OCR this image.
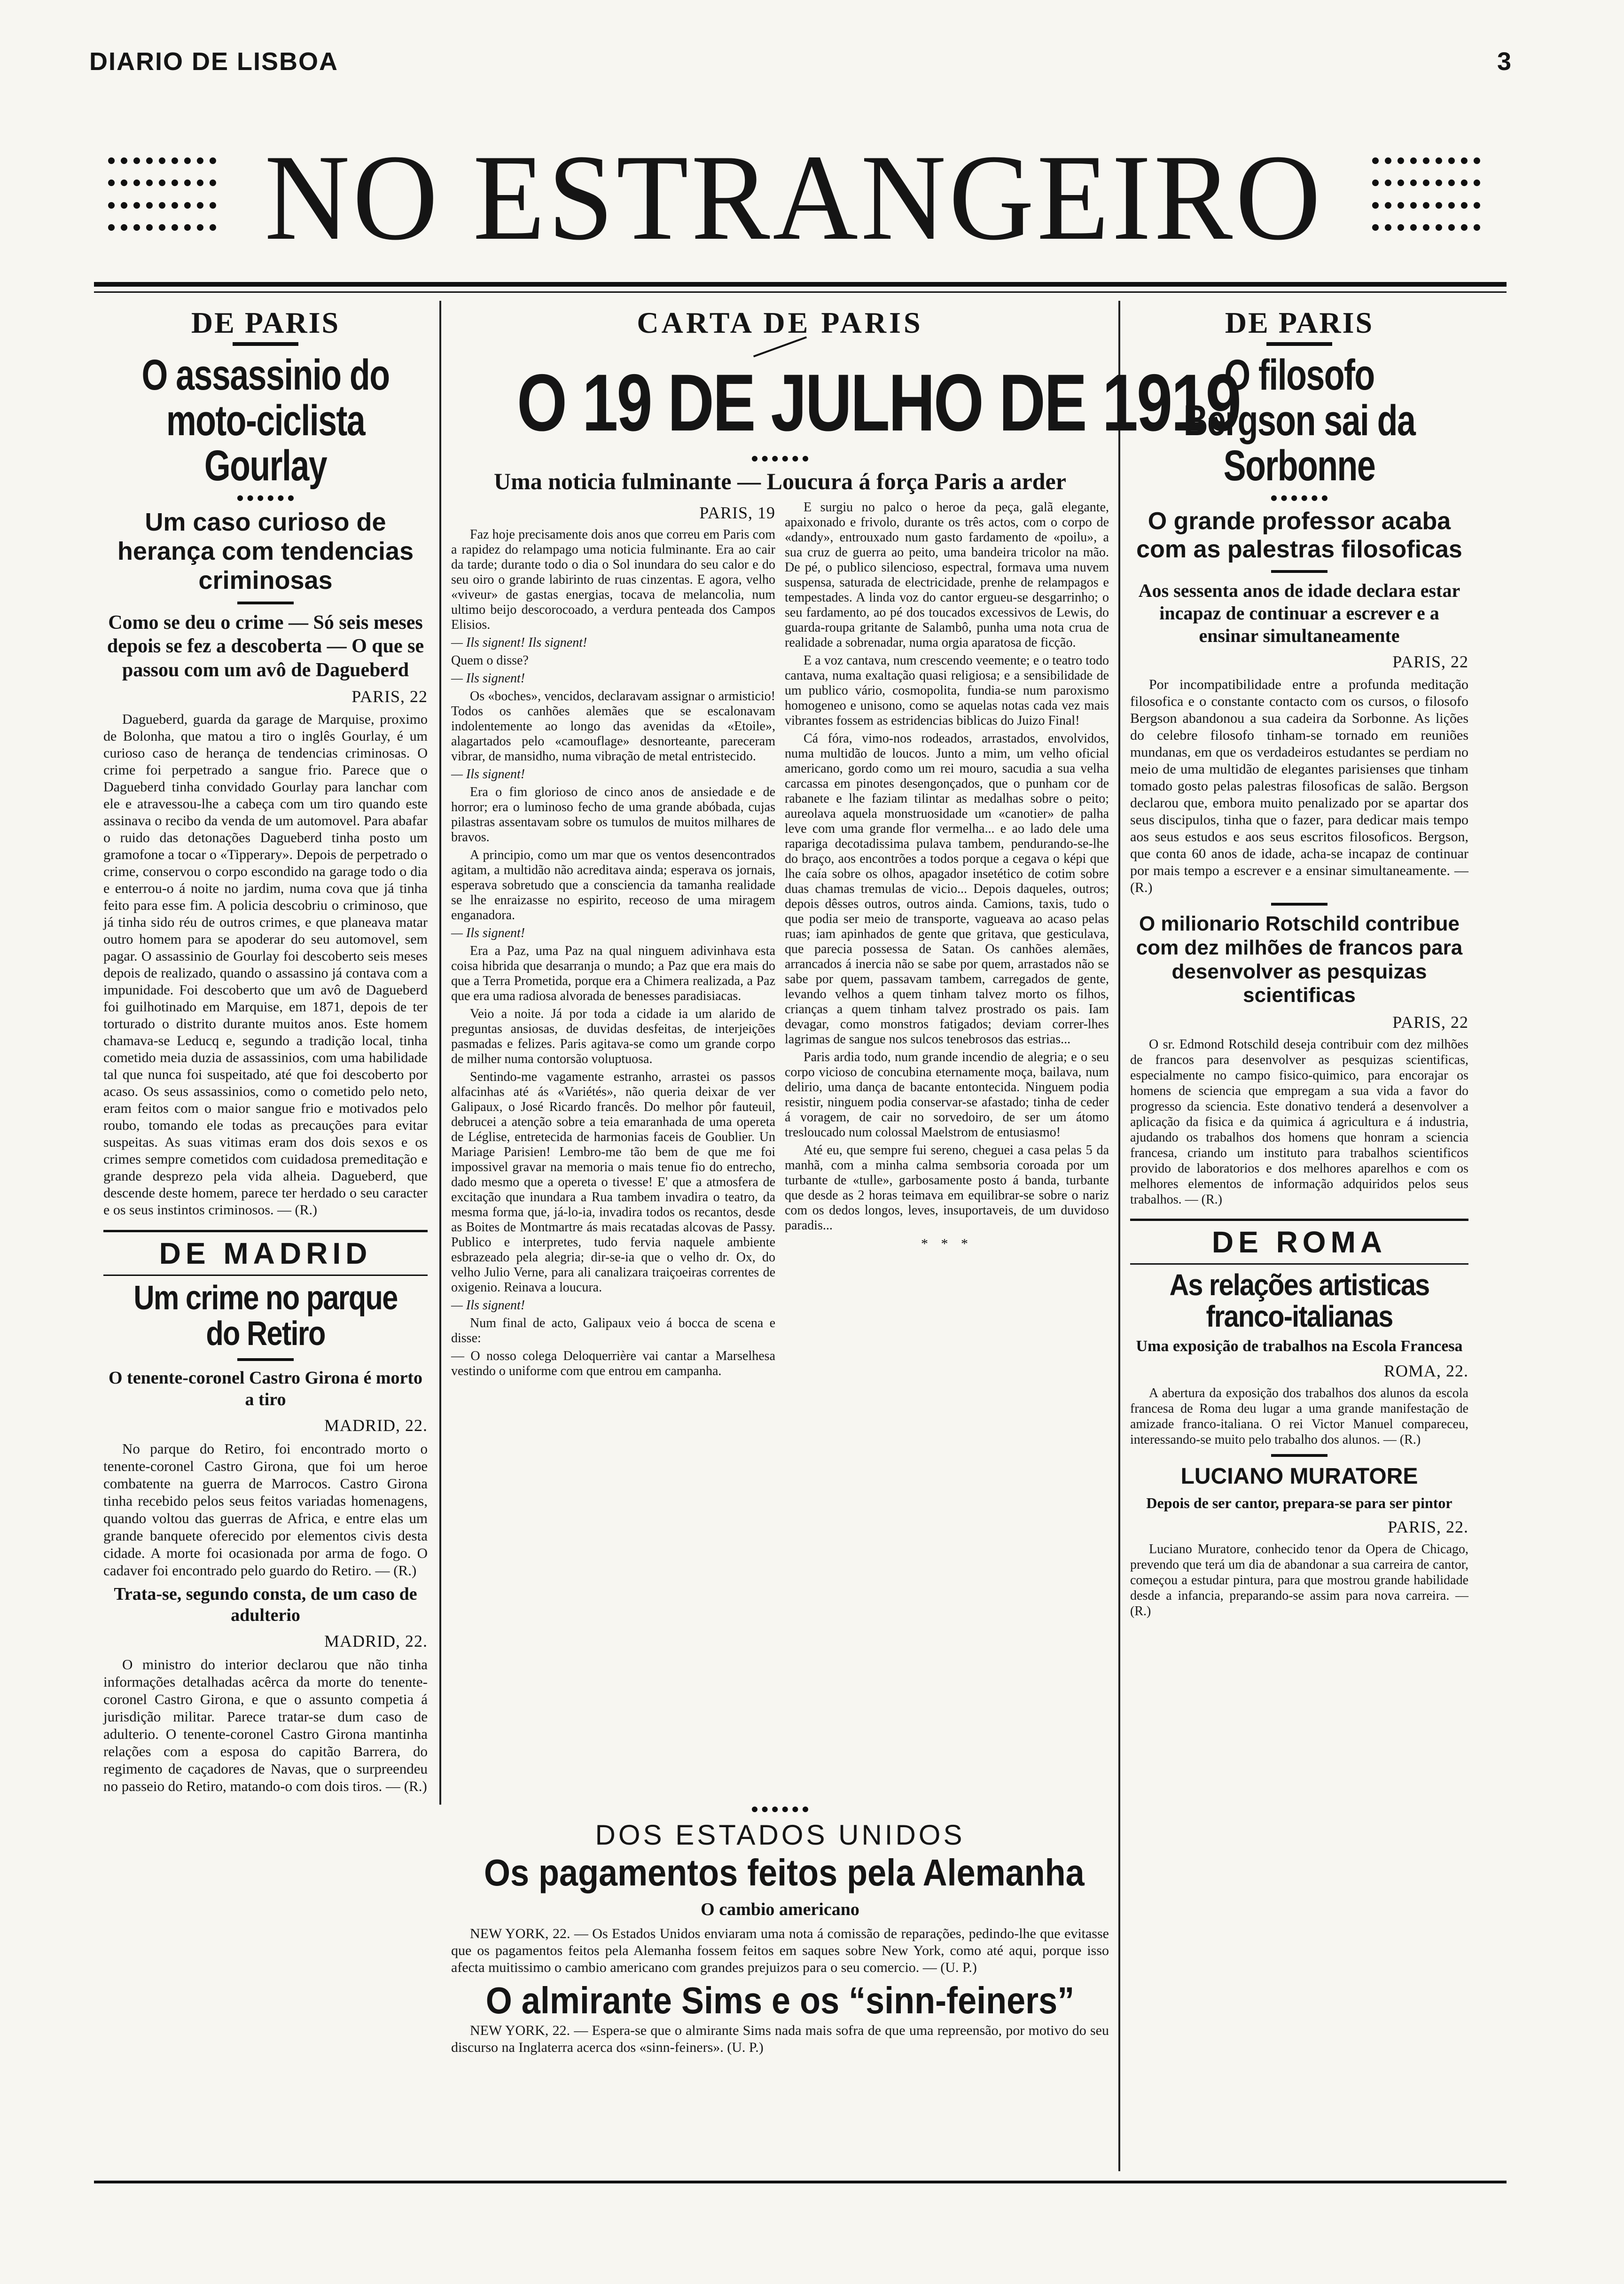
DIARIO DE LISBOA	3
NO ESTRANGEIRO
DE PARIS
O assassinio do moto-ciclista Gourlay
Um caso curioso de herança com tendencias criminosas
Como se deu o crime — Só seis meses depois se fez a descoberta — O que se passou com um avô de Dagueberd
PARIS, 22

Dagueberd, guarda da garage de Marquise, proximo de Bolonha, que matou a tiro o inglês Gourlay, é um curioso caso de herança de tendencias criminosas. O crime foi perpetrado a sangue frio. Parece que o Dagueberd tinha convidado Gourlay para lanchar com ele e atravessou-lhe a cabeça com um tiro quando este assinava o recibo da venda de um automovel. Para abafar o ruido das detonações Dagueberd tinha posto um gramofone a tocar o «Tipperary». Depois de perpetrado o crime, conservou o corpo escondido na garage todo o dia e enterrou-o á noite no jardim, numa cova que já tinha feito para esse fim. A policia descobriu o criminoso, que já tinha sido réu de outros crimes, e que planeava matar outro homem para se apoderar do seu automovel, sem pagar. O assassinio de Gourlay foi descoberto seis meses depois de realizado, quando o assassino já contava com a impunidade. Foi descoberto que um avô de Dagueberd foi guilhotinado em Marquise, em 1871, depois de ter torturado o distrito durante muitos anos. Este homem chamava-se Leducq e, segundo a tradição local, tinha cometido meia duzia de assassinios, com uma habilidade tal que nunca foi suspeitado, até que foi descoberto por acaso. Os seus assassinios, como o cometido pelo neto, eram feitos com o maior sangue frio e motivados pelo roubo, tomando ele todas as precauções para evitar suspeitas. As suas vitimas eram dos dois sexos e os crimes sempre cometidos com cuidadosa premeditação e grande desprezo pela vida alheia. Dagueberd, que descende deste homem, parece ter herdado o seu caracter e os seus instintos criminosos. — (R.)

DE MADRID
Um crime no parque do Retiro
O tenente-coronel Castro Girona é morto a tiro
MADRID, 22.

No parque do Retiro, foi encontrado morto o tenente-coronel Castro Girona, que foi um heroe combatente na guerra de Marrocos. Castro Girona tinha recebido pelos seus feitos variadas homenagens, quando voltou das guerras de Africa, e entre elas um grande banquete oferecido por elementos civis desta cidade. A morte foi ocasionada por arma de fogo. O cadaver foi encontrado pelo guardo do Retiro. — (R.)

Trata-se, segundo consta, de um caso de adulterio
MADRID, 22.

O ministro do interior declarou que não tinha informações detalhadas acêrca da morte do tenente-coronel Castro Girona, e que o assunto competia á jurisdição militar. Parece tratar-se dum caso de adulterio. O tenente-coronel Castro Girona mantinha relações com a esposa do capitão Barrera, do regimento de caçadores de Navas, que o surpreendeu no passeio do Retiro, matando-o com dois tiros. — (R.)

CARTA DE PARIS
O 19 DE JULHO DE 1919
Uma noticia fulminante — Loucura á força Paris a arder
PARIS, 19

Faz hoje precisamente dois anos que correu em Paris com a rapidez do relampago uma noticia fulminante. Era ao cair da tarde; durante todo o dia o Sol inundara do seu calor e do seu oiro o grande labirinto de ruas cinzentas. E agora, velho «viveur» de gastas energias, tocava de melancolia, num ultimo beijo descorocoado, a verdura penteada dos Campos Elisios.

— Ils signent! Ils signent!

Quem o disse?

— Ils signent!

Os «boches», vencidos, declaravam assignar o armisticio! Todos os canhões alemães que se escalonavam indolentemente ao longo das avenidas da «Etoile», alagartados pelo «camouflage» desnorteante, pareceram vibrar, de mansidho, numa vibração de metal entristecido.

— Ils signent!

Era o fim glorioso de cinco anos de ansiedade e de horror; era o luminoso fecho de uma grande abóbada, cujas pilastras assentavam sobre os tumulos de muitos milhares de bravos.

A principio, como um mar que os ventos desencontrados agitam, a multidão não acreditava ainda; esperava os jornais, esperava sobretudo que a consciencia da tamanha realidade se lhe enraizasse no espirito, receoso de uma miragem enganadora.

— Ils signent!

Era a Paz, uma Paz na qual ninguem adivinhava esta coisa hibrida que desarranja o mundo; a Paz que era mais do que a Terra Prometida, porque era a Chimera realizada, a Paz que era uma radiosa alvorada de benesses paradisiacas.

Veio a noite. Já por toda a cidade ia um alarido de preguntas ansiosas, de duvidas desfeitas, de interjeições pasmadas e felizes. Paris agitava-se como um grande corpo de milher numa contorsão voluptuosa.

Sentindo-me vagamente estranho, arrastei os passos alfacinhas até ás «Variétés», não queria deixar de ver Galipaux, o José Ricardo francês. Do melhor pôr fauteuil, debrucei a atenção sobre a teia emaranhada de uma opereta de Léglise, entretecida de harmonias faceis de Goublier. Un Mariage Parisien! Lembro-me tão bem de que me foi impossivel gravar na memoria o mais tenue fio do entrecho, dado mesmo que a opereta o tivesse! E' que a atmosfera de excitação que inundara a Rua tambem invadira o teatro, da mesma forma que, já-lo-ia, invadira todos os recantos, desde as Boites de Montmartre ás mais recatadas alcovas de Passy. Publico e interpretes, tudo fervia naquele ambiente esbrazeado pela alegria; dir-se-ia que o velho dr. Ox, do velho Julio Verne, para ali canalizara traiçoeiras correntes de oxigenio. Reinava a loucura.

— Ils signent!

Num final de acto, Galipaux veio á bocca de scena e disse:

— O nosso colega Deloquerrière vai cantar a Marselhesa vestindo o uniforme com que entrou em campanha.

E surgiu no palco o heroe da peça, galã elegante, apaixonado e frivolo, durante os três actos, com o corpo de «dandy», entrouxado num gasto fardamento de «poilu», a sua cruz de guerra ao peito, uma bandeira tricolor na mão. De pé, o publico silencioso, espectral, formava uma nuvem suspensa, saturada de electricidade, prenhe de relampagos e tempestades. A linda voz do cantor ergueu-se desgarrinho; o seu fardamento, ao pé dos toucados excessivos de Lewis, do guarda-roupa gritante de Salambô, punha uma nota crua de realidade a sobrenadar, numa orgia aparatosa de ficção.

E a voz cantava, num crescendo veemente; e o teatro todo cantava, numa exaltação quasi religiosa; e a sensibilidade de um publico vário, cosmopolita, fundia-se num paroxismo homogeneo e unisono, como se aquelas notas cada vez mais vibrantes fossem as estridencias biblicas do Juizo Final!

Cá fóra, vimo-nos rodeados, arrastados, envolvidos, numa multidão de loucos. Junto a mim, um velho oficial americano, gordo como um rei mouro, sacudia a sua velha carcassa em pinotes desengonçados, que o punham cor de rabanete e lhe faziam tilintar as medalhas sobre o peito; aureolava aquela monstruosidade um «canotier» de palha leve com uma grande flor vermelha... e ao lado dele uma rapariga decotadissima pulava tambem, pendurando-se-lhe do braço, aos encontrões a todos porque a cegava o képi que lhe caía sobre os olhos, apagador insetético de cotim sobre duas chamas tremulas de vicio... Depois daqueles, outros; depois dêsses outros, outros ainda. Camions, taxis, tudo o que podia ser meio de transporte, vagueava ao acaso pelas ruas; iam apinhados de gente que gritava, que gesticulava, que parecia possessa de Satan. Os canhões alemães, arrancados á inercia não se sabe por quem, arrastados não se sabe por quem, passavam tambem, carregados de gente, levando velhos a quem tinham talvez morto os filhos, crianças a quem tinham talvez prostrado os pais. Iam devagar, como monstros fatigados; deviam correr-lhes lagrimas de sangue nos sulcos tenebrosos das estrias...

Paris ardia todo, num grande incendio de alegria; e o seu corpo vicioso de concubina eternamente moça, bailava, num delirio, uma dança de bacante entontecida. Ninguem podia resistir, ninguem podia conservar-se afastado; tinha de ceder á voragem, de cair no sorvedoiro, de ser um átomo tresloucado num colossal Maelstrom de entusiasmo!

Até eu, que sempre fui sereno, cheguei a casa pelas 5 da manhã, com a minha calma sembsoria coroada por um turbante de «tulle», garbosamente posto á banda, turbante que desde as 2 horas teimava em equilibrar-se sobre o nariz com os dedos longos, leves, insuportaveis, de um duvidoso paradis...

* * *
DE PARIS
O filosofo Bergson sai da Sorbonne
O grande professor acaba com as palestras filosoficas
Aos sessenta anos de idade declara estar incapaz de continuar a escrever e a ensinar simultaneamente
PARIS, 22

Por incompatibilidade entre a profunda meditação filosofica e o constante contacto com os cursos, o filosofo Bergson abandonou a sua cadeira da Sorbonne. As lições do celebre filosofo tinham-se tornado em reuniões mundanas, em que os verdadeiros estudantes se perdiam no meio de uma multidão de elegantes parisienses que tinham tomado gosto pelas palestras filosoficas de salão. Bergson declarou que, embora muito penalizado por se apartar dos seus discipulos, tinha que o fazer, para dedicar mais tempo aos seus estudos e aos seus escritos filosoficos. Bergson, que conta 60 anos de idade, acha-se incapaz de continuar por mais tempo a escrever e a ensinar simultaneamente. — (R.)

O milionario Rotschild contribue com dez milhões de francos para desenvolver as pesquizas scientificas
PARIS, 22

O sr. Edmond Rotschild deseja contribuir com dez milhões de francos para desenvolver as pesquizas scientificas, especialmente no campo fisico-quimico, para encorajar os homens de sciencia que empregam a sua vida a favor do progresso da sciencia. Este donativo tenderá a desenvolver a aplicação da fisica e da quimica á agricultura e á industria, ajudando os trabalhos dos homens que honram a sciencia francesa, criando um instituto para trabalhos scientificos provido de laboratorios e dos melhores aparelhos e com os melhores elementos de informação adquiridos pelos seus trabalhos. — (R.)

DE ROMA
As relações artisticas franco-italianas
Uma exposição de trabalhos na Escola Francesa
ROMA, 22.

A abertura da exposição dos trabalhos dos alunos da escola francesa de Roma deu lugar a uma grande manifestação de amizade franco-italiana. O rei Victor Manuel compareceu, interessando-se muito pelo trabalho dos alunos. — (R.)

LUCIANO MURATORE
Depois de ser cantor, prepara-se para ser pintor
PARIS, 22.

Luciano Muratore, conhecido tenor da Opera de Chicago, prevendo que terá um dia de abandonar a sua carreira de cantor, começou a estudar pintura, para que mostrou grande habilidade desde a infancia, preparando-se assim para nova carreira. — (R.)

DOS ESTADOS UNIDOS
Os pagamentos feitos pela Alemanha
O cambio americano

NEW YORK, 22. — Os Estados Unidos enviaram uma nota á comissão de reparações, pedindo-lhe que evitasse que os pagamentos feitos pela Alemanha fossem feitos em saques sobre New York, como até aqui, porque isso afecta muitissimo o cambio americano com grandes prejuizos para o seu comercio. — (U. P.)

O almirante Sims e os “sinn-feiners”

NEW YORK, 22. — Espera-se que o almirante Sims nada mais sofra de que uma repreensão, por motivo do seu discurso na Inglaterra acerca dos «sinn-feiners». (U. P.)
